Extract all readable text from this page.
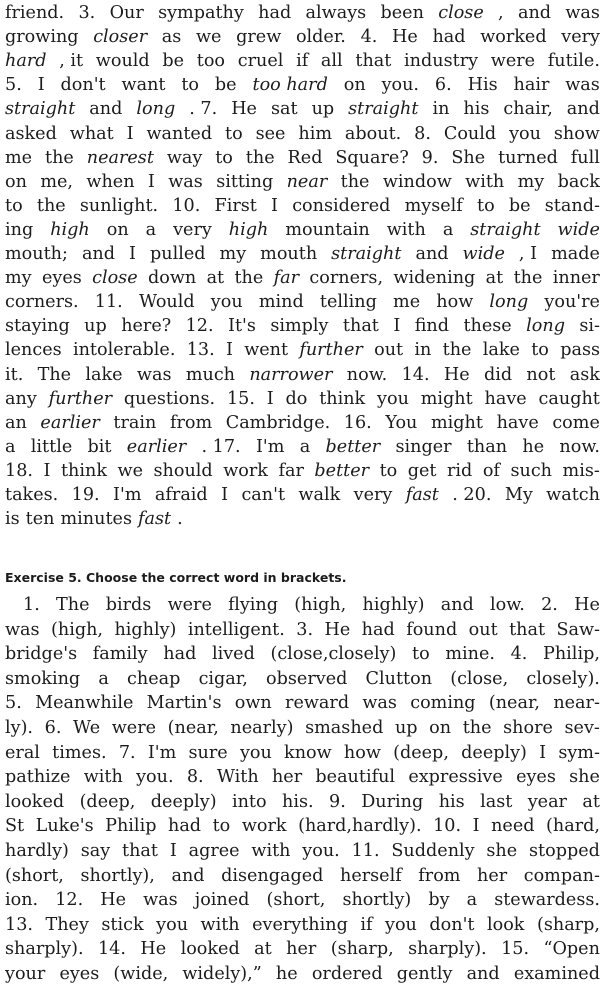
friend. 3. Our sympathy had always been close , and was
growing closer as we grew older. 4. He had worked very
hard , it would be too cruel if all that industry were futile.
5. I don't want to be too hard on you. 6. His hair was
straight and long . 7. He sat up straight in his chair, and
asked what I wanted to see him about. 8. Could you show
me the nearest way to the Red Square? 9. She turned full
on me, when I was sitting near the window with my back
to the sunlight. 10. First I considered myself to be stand-
ing high on a very high mountain with a straight wide
mouth; and I pulled my mouth straight and wide , I made
my eyes close down at the far corners, widening at the inner
corners. 11. Would you mind telling me how long you're
staying up here? 12. It's simply that I find these long si-
lences intolerable. 13. I went further out in the lake to pass
it. The lake was much narrower now. 14. He did not ask
any further questions. 15. I do think you might have caught
an earlier train from Cambridge. 16. You might have come
a little bit earlier . 17. I'm a better singer than he now.
18. I think we should work far better to get rid of such mis-
takes. 19. I'm afraid I can't walk very fast . 20. My watch
is ten minutes fast .
Exercise 5. Choose the correct word in brackets.
1. The birds were flying (high, highly) and low. 2. He
was (high, highly) intelligent. 3. He had found out that Saw-
bridge's family had lived (close,closely) to mine. 4. Philip,
smoking a cheap cigar, observed Clutton (close, closely).
5. Meanwhile Martin's own reward was coming (near, near-
ly). 6. We were (near, nearly) smashed up on the shore sev-
eral times. 7. I'm sure you know how (deep, deeply) I sym-
pathize with you. 8. With her beautiful expressive eyes she
looked (deep, deeply) into his. 9. During his last year at
St Luke's Philip had to work (hard,hardly). 10. I need (hard,
hardly) say that I agree with you. 11. Suddenly she stopped
(short, shortly), and disengaged herself from her compan-
ion. 12. He was joined (short, shortly) by a stewardess.
13. They stick you with everything if you don't look (sharp,
sharply). 14. He looked at her (sharp, sharply). 15. “Open
your eyes (wide, widely),” he ordered gently and examined
